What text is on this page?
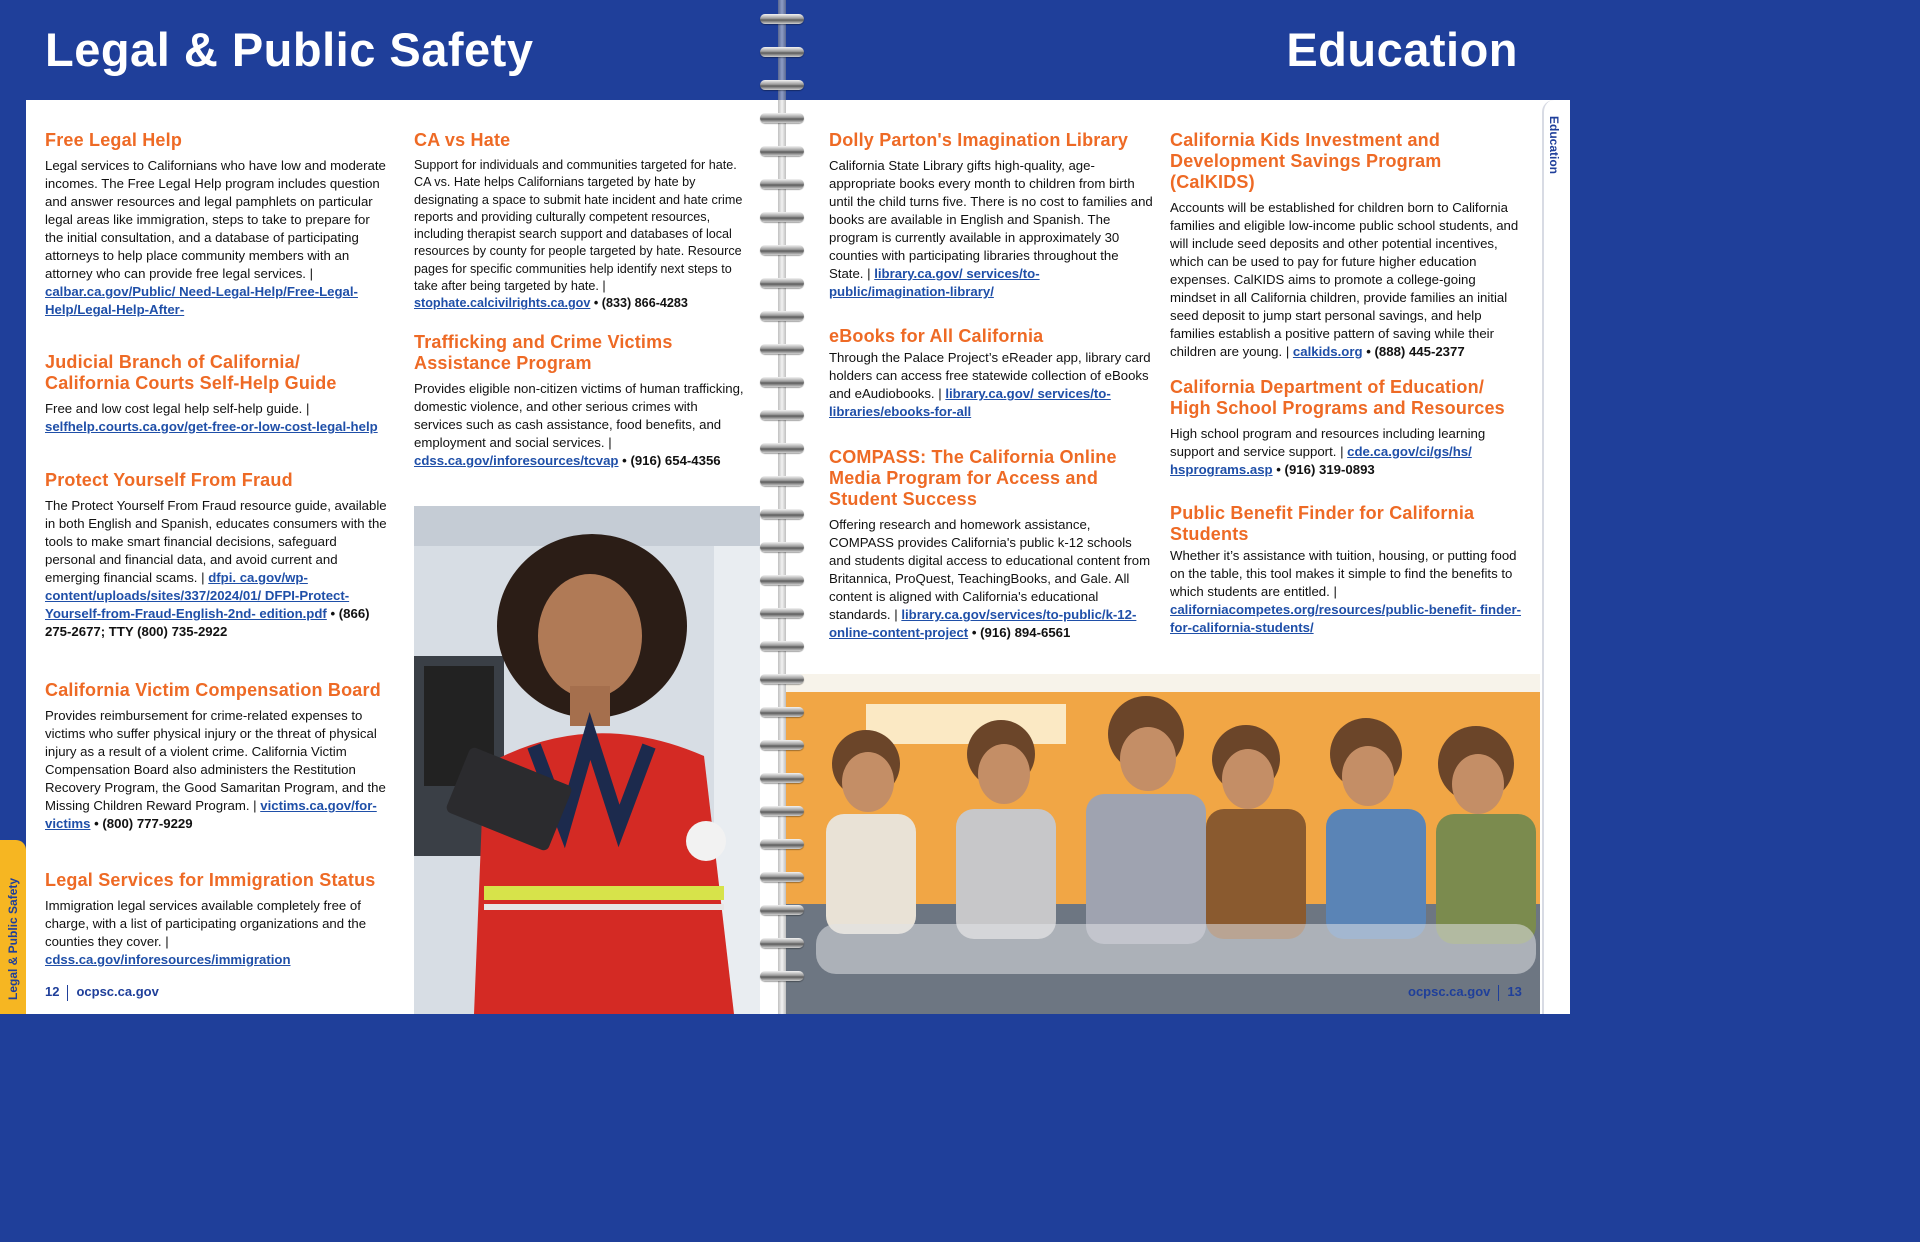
Legal & Public Safety	Education
Free Legal Help

Legal services to Californians who have low and moderate incomes. The Free Legal Help program includes question and answer resources and legal pamphlets on particular legal areas like immigration, steps to take to prepare for the initial consultation, and a database of participating attorneys to help place community members with an attorney who can provide free legal services. | calbar.ca.gov/Public/ Need-Legal-Help/Free-Legal-Help/Legal-Help-After-

Judicial Branch of California/ California Courts Self-Help Guide

Free and low cost legal help self-help guide. | selfhelp.courts.ca.gov/get-free-or-low-cost-legal-help

Protect Yourself From Fraud

The Protect Yourself From Fraud resource guide, available in both English and Spanish, educates consumers with the tools to make smart financial decisions, safeguard personal and financial data, and avoid current and emerging financial scams. | dfpi. ca.gov/wp-content/uploads/sites/337/2024/01/ DFPI-Protect-Yourself-from-Fraud-English-2nd- edition.pdf • (866) 275-2677; TTY (800) 735-2922

California Victim Compensation Board

Provides reimbursement for crime-related expenses to victims who suffer physical injury or the threat of physical injury as a result of a violent crime. California Victim Compensation Board also administers the Restitution Recovery Program, the Good Samaritan Program, and the Missing Children Reward Program. | victims.ca.gov/for-victims • (800) 777-9229

Legal Services for Immigration Status

Immigration legal services available completely free of charge, with a list of participating organizations and the counties they cover. | cdss.ca.gov/inforesources/immigration

CA vs Hate

Support for individuals and communities targeted for hate. CA vs. Hate helps Californians targeted by hate by designating a space to submit hate incident and hate crime reports and providing culturally competent resources, including therapist search support and databases of local resources by county for people targeted by hate. Resource pages for specific communities help identify next steps to take after being targeted by hate. | stophate.calcivilrights.ca.gov • (833) 866-4283

Trafficking and Crime Victims Assistance Program

Provides eligible non-citizen victims of human trafficking, domestic violence, and other serious crimes with services such as cash assistance, food benefits, and employment and social services. | cdss.ca.gov/inforesources/tcvap • (916) 654-4356

Dolly Parton's Imagination Library

California State Library gifts high-quality, age-appropriate books every month to children from birth until the child turns five. There is no cost to families and books are available in English and Spanish. The program is currently available in approximately 30 counties with participating libraries throughout the State. | library.ca.gov/ services/to-public/imagination-library/

eBooks for All California

Through the Palace Project’s eReader app, library card holders can access free statewide collection of eBooks and eAudiobooks. | library.ca.gov/ services/to-libraries/ebooks-for-all

COMPASS: The California Online Media Program for Access and Student Success

Offering research and homework assistance, COMPASS provides California's public k-12 schools and students digital access to educational content from Britannica, ProQuest, TeachingBooks, and Gale. All content is aligned with California's educational standards. | library.ca.gov/services/to-public/k-12- online-content-project • (916) 894-6561

California Kids Investment and Development Savings Program (CalKIDS)

Accounts will be established for children born to California families and eligible low-income public school students, and will include seed deposits and other potential incentives, which can be used to pay for future higher education expenses. CalKIDS aims to promote a college-going mindset in all California children, provide families an initial seed deposit to jump start personal savings, and help families establish a positive pattern of saving while their children are young. | calkids.org • (888) 445-2377

California Department of Education/ High School Programs and Resources

High school program and resources including learning support and service support. | cde.ca.gov/ci/gs/hs/ hsprograms.asp • (916) 319-0893

Public Benefit Finder for California Students

Whether it’s assistance with tuition, housing, or putting food on the table, this tool makes it simple to find the benefits to which students are entitled. | californiacompetes.org/resources/public-benefit- finder-for-california-students/

Legal & Public Safety
Education
12 ocpsc.ca.gov	ocpsc.ca.gov 13
